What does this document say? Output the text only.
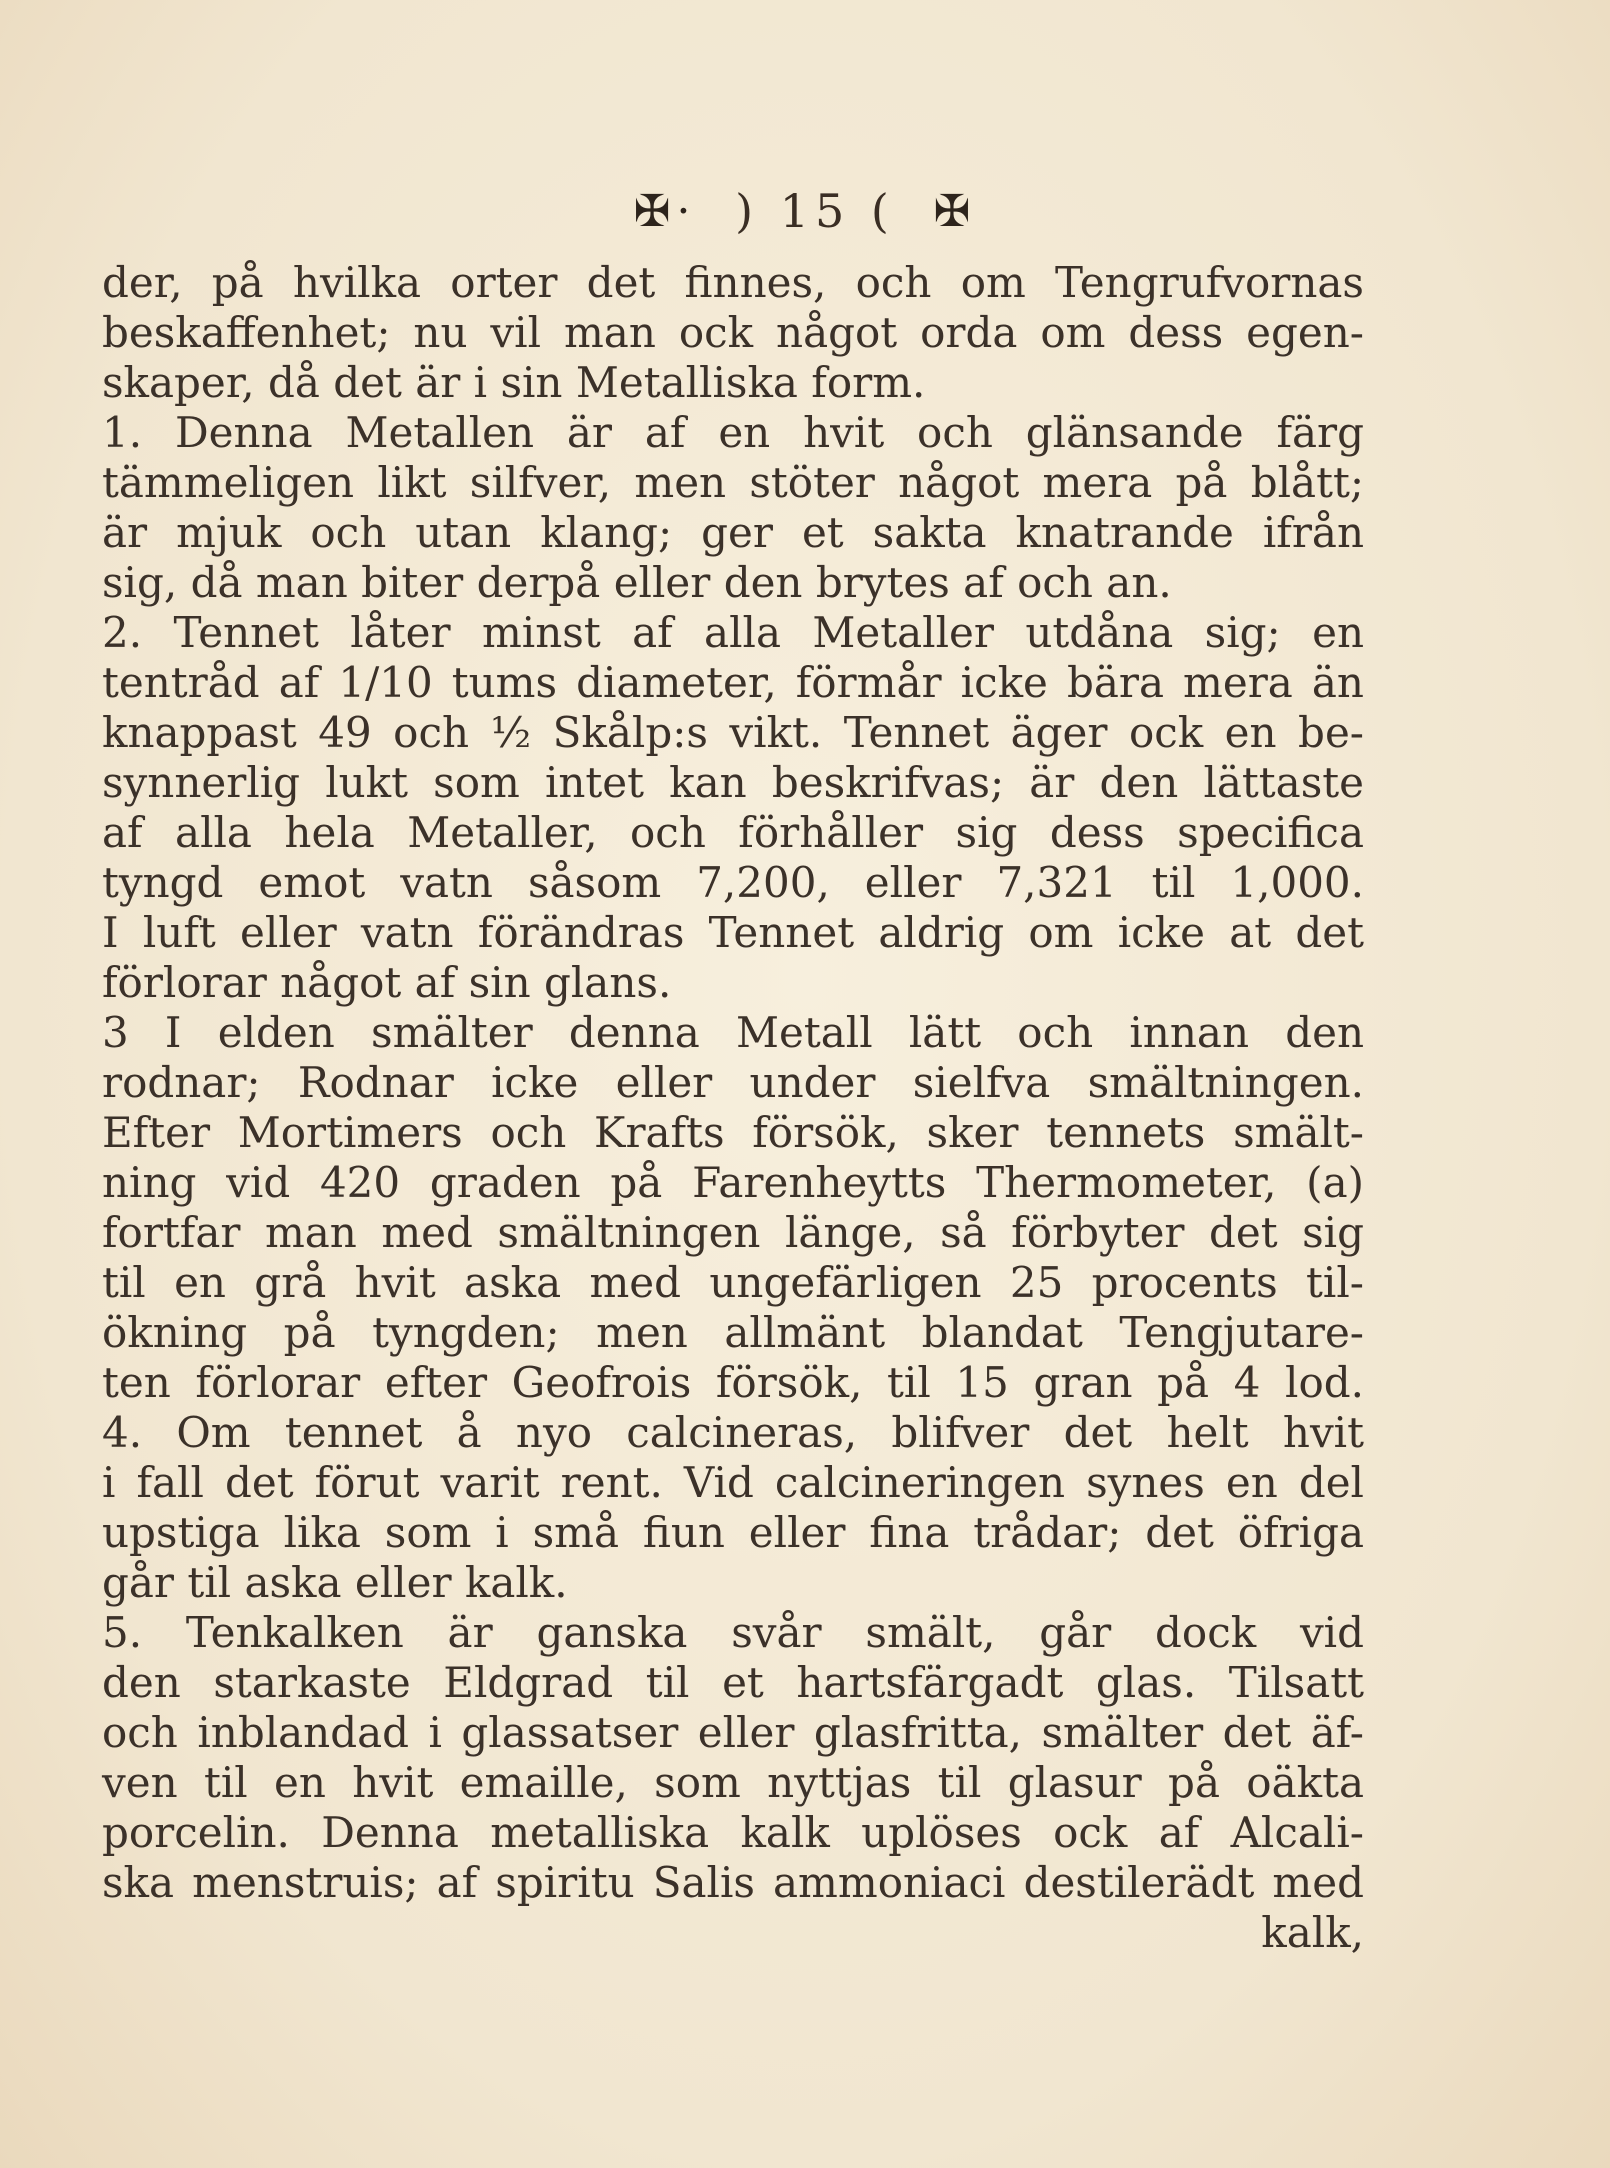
✠· ) 15 ( ✠
der, på hvilka orter det finnes, och om Tengrufvornas
beskaffenhet; nu vil man ock något orda om dess egen-
skaper, då det är i sin Metalliska form.
1. Denna Metallen är af en hvit och glänsande färg
tämmeligen likt silfver, men stöter något mera på blått;
är mjuk och utan klang; ger et sakta knatrande ifrån
sig, då man biter derpå eller den brytes af och an.
2. Tennet låter minst af alla Metaller utdåna sig; en
tentråd af 1/10 tums diameter, förmår icke bära mera än
knappast 49 och ½ Skålp:s vikt. Tennet äger ock en be-
synnerlig lukt som intet kan beskrifvas; är den lättaste
af alla hela Metaller, och förhåller sig dess specifica
tyngd emot vatn såsom 7,200, eller 7,321 til 1,000.
I luft eller vatn förändras Tennet aldrig om icke at det
förlorar något af sin glans.
3 I elden smälter denna Metall lätt och innan den
rodnar; Rodnar icke eller under sielfva smältningen.
Efter Mortimers och Krafts försök, sker tennets smält-
ning vid 420 graden på Farenheytts Thermometer, (a)
fortfar man med smältningen länge, så förbyter det sig
til en grå hvit aska med ungefärligen 25 procents til-
ökning på tyngden; men allmänt blandat Tengjutare-
ten förlorar efter Geofrois försök, til 15 gran på 4 lod.
4. Om tennet å nyo calcineras, blifver det helt hvit
i fall det förut varit rent. Vid calcineringen synes en del
upstiga lika som i små fiun eller fina trådar; det öfriga
går til aska eller kalk.
5. Tenkalken är ganska svår smält, går dock vid
den starkaste Eldgrad til et hartsfärgadt glas. Tilsatt
och inblandad i glassatser eller glasfritta, smälter det äf-
ven til en hvit emaille, som nyttjas til glasur på oäkta
porcelin. Denna metalliska kalk uplöses ock af Alcali-
ska menstruis; af spiritu Salis ammoniaci destilerädt med
kalk,
